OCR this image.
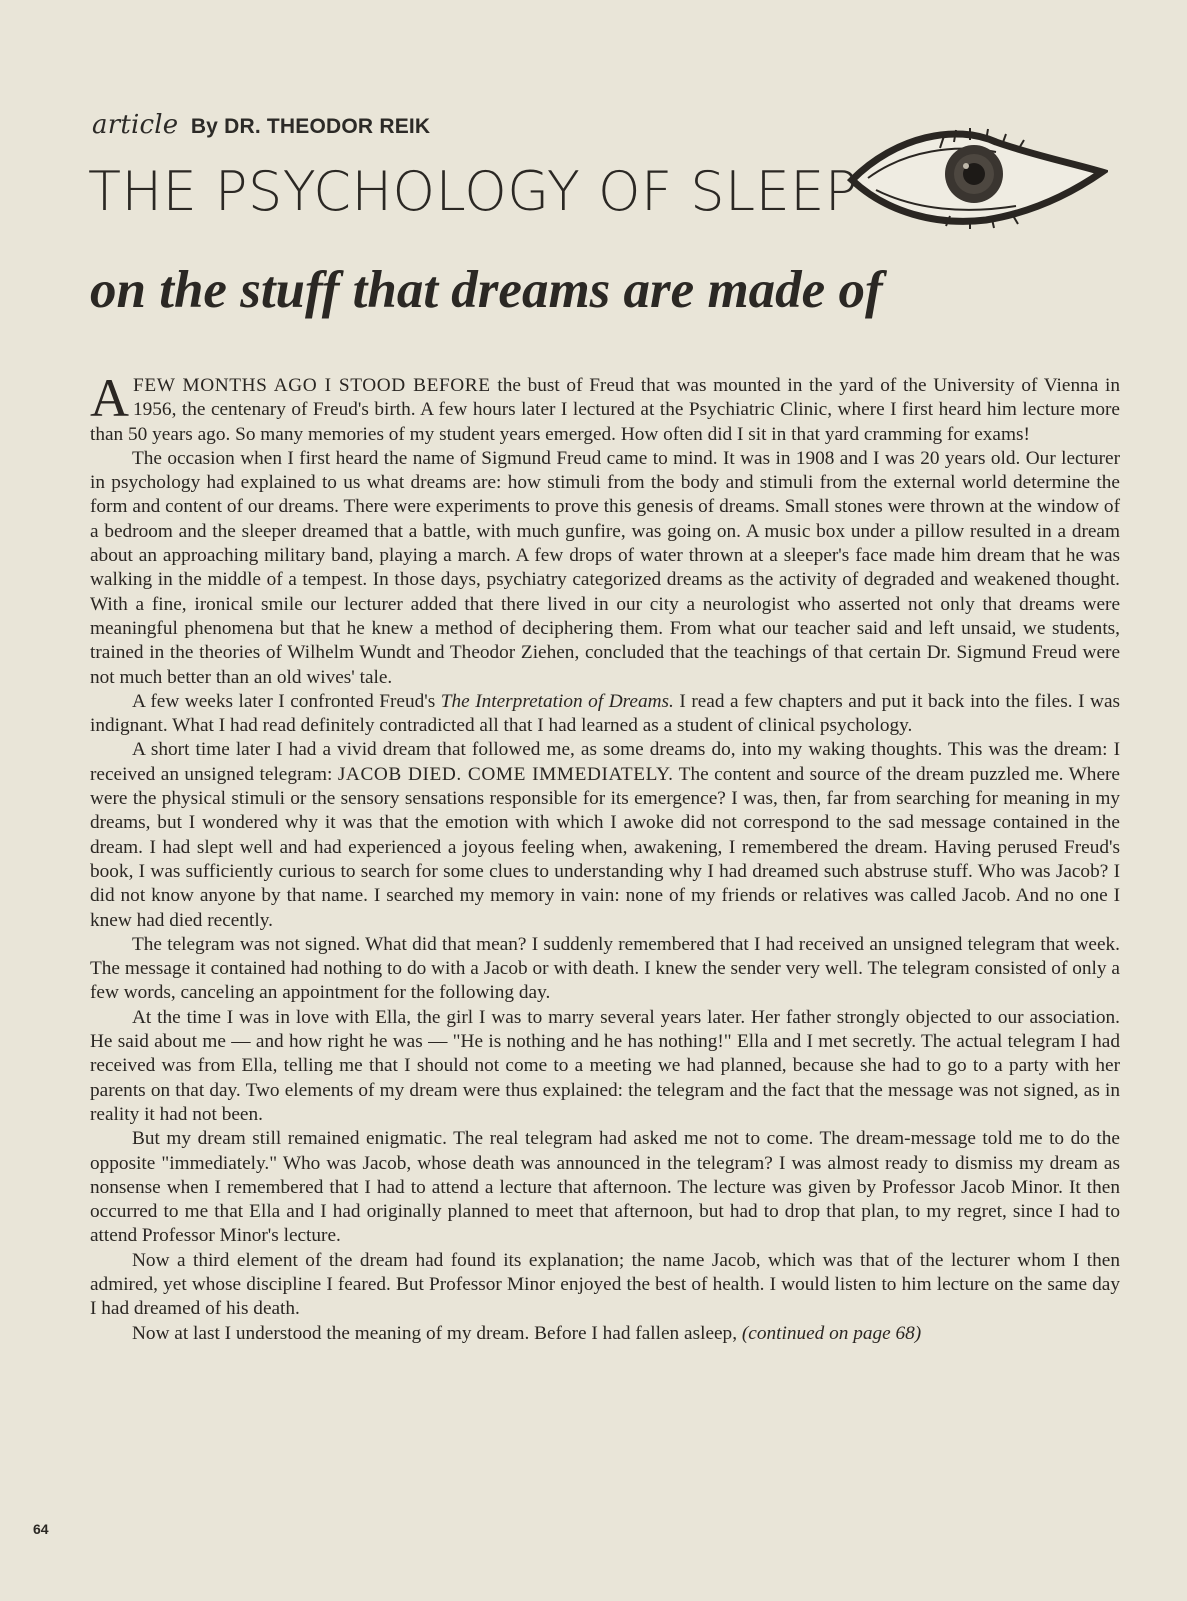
article By DR. THEODOR REIK
THE PSYCHOLOGY OF SLEEP
on the stuff that dreams are made of

AFEW MONTHS AGO I STOOD BEFORE the bust of Freud that was mounted in the yard of the University of Vienna in 1956, the centenary of Freud's birth. A few hours later I lectured at the Psychiatric Clinic, where I first heard him lecture more than 50 years ago. So many memories of my student years emerged. How often did I sit in that yard cramming for exams!

The occasion when I first heard the name of Sigmund Freud came to mind. It was in 1908 and I was 20 years old. Our lecturer in psychology had explained to us what dreams are: how stimuli from the body and stimuli from the external world determine the form and content of our dreams. There were experiments to prove this genesis of dreams. Small stones were thrown at the window of a bedroom and the sleeper dreamed that a battle, with much gunfire, was going on. A music box under a pillow resulted in a dream about an approaching military band, playing a march. A few drops of water thrown at a sleeper's face made him dream that he was walking in the middle of a tempest. In those days, psychiatry categorized dreams as the activity of degraded and weakened thought. With a fine, ironical smile our lecturer added that there lived in our city a neurologist who asserted not only that dreams were meaningful phenomena but that he knew a method of deciphering them. From what our teacher said and left unsaid, we students, trained in the theories of Wilhelm Wundt and Theodor Ziehen, concluded that the teachings of that certain Dr. Sigmund Freud were not much better than an old wives' tale.

A few weeks later I confronted Freud's The Interpretation of Dreams. I read a few chapters and put it back into the files. I was indignant. What I had read definitely contradicted all that I had learned as a student of clinical psychology.

A short time later I had a vivid dream that followed me, as some dreams do, into my waking thoughts. This was the dream: I received an unsigned telegram: JACOB DIED. COME IMMEDIATELY. The content and source of the dream puzzled me. Where were the physical stimuli or the sensory sensations responsible for its emergence? I was, then, far from searching for meaning in my dreams, but I wondered why it was that the emotion with which I awoke did not correspond to the sad message contained in the dream. I had slept well and had experienced a joyous feeling when, awakening, I remembered the dream. Having perused Freud's book, I was sufficiently curious to search for some clues to understanding why I had dreamed such abstruse stuff. Who was Jacob? I did not know anyone by that name. I searched my memory in vain: none of my friends or relatives was called Jacob. And no one I knew had died recently.

The telegram was not signed. What did that mean? I suddenly remembered that I had received an unsigned telegram that week. The message it contained had nothing to do with a Jacob or with death. I knew the sender very well. The telegram consisted of only a few words, canceling an appointment for the following day.

At the time I was in love with Ella, the girl I was to marry several years later. Her father strongly objected to our association. He said about me — and how right he was — "He is nothing and he has nothing!" Ella and I met secretly. The actual telegram I had received was from Ella, telling me that I should not come to a meeting we had planned, because she had to go to a party with her parents on that day. Two elements of my dream were thus explained: the telegram and the fact that the message was not signed, as in reality it had not been.

But my dream still remained enigmatic. The real telegram had asked me not to come. The dream-message told me to do the opposite "immediately." Who was Jacob, whose death was announced in the telegram? I was almost ready to dismiss my dream as nonsense when I remembered that I had to attend a lecture that afternoon. The lecture was given by Professor Jacob Minor. It then occurred to me that Ella and I had originally planned to meet that afternoon, but had to drop that plan, to my regret, since I had to attend Professor Minor's lecture.

Now a third element of the dream had found its explanation; the name Jacob, which was that of the lecturer whom I then admired, yet whose discipline I feared. But Professor Minor enjoyed the best of health. I would listen to him lecture on the same day I had dreamed of his death.

Now at last I understood the meaning of my dream. Before I had fallen asleep, (continued on page 68)

64
